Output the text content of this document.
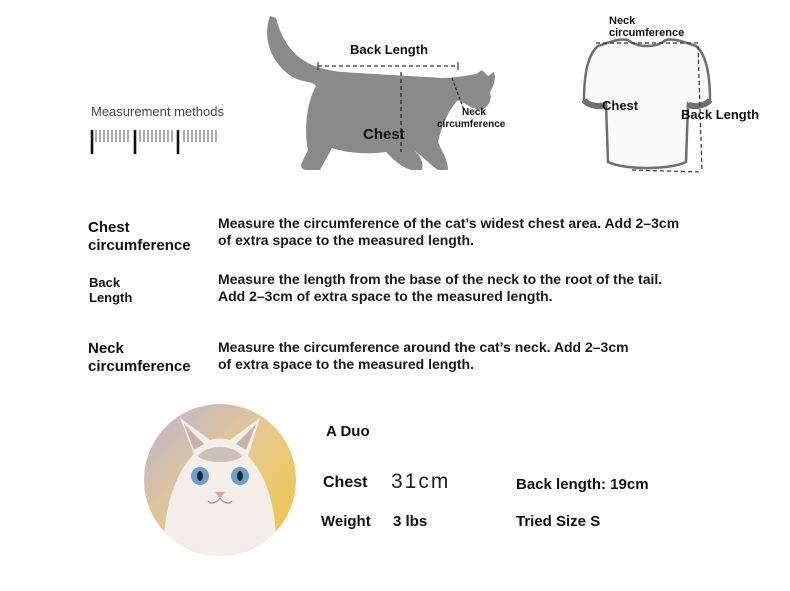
Measurement methods
Back Length
Chest
Neck
circumference
Neck
circumference
Chest
Back Length
Chest
circumference
Measure the circumference of the cat’s widest chest area. Add 2–3cm
of extra space to the measured length.
Back
Length
Measure the length from the base of the neck to the root of the tail.
Add 2–3cm of extra space to the measured length.
Neck
circumference
Measure the circumference around the cat’s neck. Add 2–3cm
of extra space to the measured length.
A Duo
Chest 31cm	Back length: 19cm
Weight 3 lbs	Tried Size S
